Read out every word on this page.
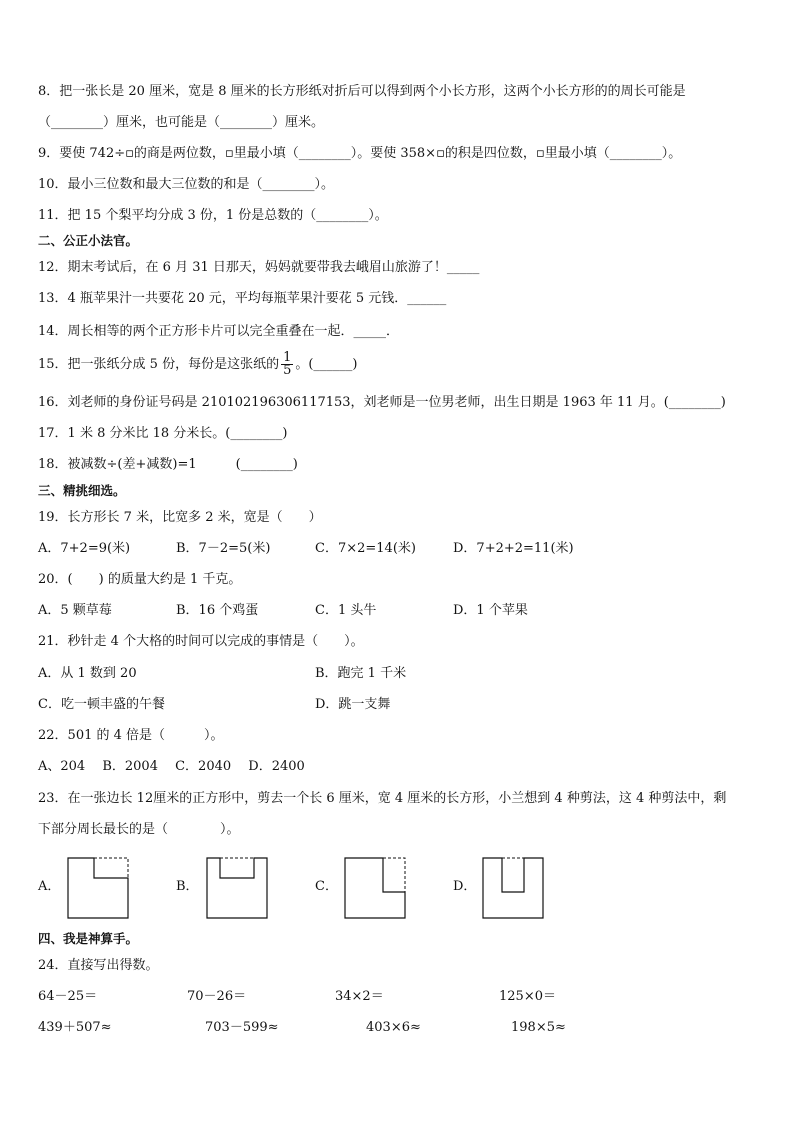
8．把一张长是 20 厘米，宽是 8 厘米的长方形纸对折后可以得到两个小长方形，这两个小长方形的的周长可能是
（________）厘米，也可能是（________）厘米。
9．要使 742÷▫的商是两位数，▫里最小填（________）。要使 358×▫的积是四位数，▫里最小填（________）。
10．最小三位数和最大三位数的和是（________）。
11．把 15 个梨平均分成 3 份，1 份是总数的（________）。
二、公正小法官。
12．期末考试后，在 6 月 31 日那天，妈妈就要带我去峨眉山旅游了！_____
13．4 瓶苹果汁一共要花 20 元，平均每瓶苹果汁要花 5 元钱．______
14．周长相等的两个正方形卡片可以完全重叠在一起．_____．
15．把一张纸分成 5 份，每份是这张纸的 $\frac{1}{5}$ 。(______)
16．刘老师的身份证号码是 210102196306117153，刘老师是一位男老师，出生日期是 1963 年 11 月。(________)
17．1 米 8 分米比 18 分米长。(________)
18．被减数÷(差+减数)=1　　　(________)
三、精挑细选。
19．长方形长 7 米，比宽多 2 米，宽是（　　）
A．7+2=9(米)	B．7－2=5(米)	C．7×2=14(米)	D．7+2+2=11(米)
20．(　　) 的质量大约是 1 千克。
A．5 颗草莓	B．16 个鸡蛋	C．1 头牛	D．1 个苹果
21．秒针走 4 个大格的时间可以完成的事情是（　　）。
A．从 1 数到 20	B．跑完 1 千米
C．吃一顿丰盛的午餐	D．跳一支舞
22．501 的 4 倍是（　　　）。
A、204　 B．2004　 C．2040　 D．2400
23．在一张边长 12厘米的正方形中，剪去一个长 6 厘米，宽 4 厘米的长方形，小兰想到 4 种剪法，这 4 种剪法中，剩
下部分周长最长的是（　　　　）。
A．	B．	C．	D．
四、我是神算手。
24．直接写出得数。
64－25＝	70－26＝	34×2＝	125×0＝
439＋507≈	703－599≈	403×6≈	198×5≈
